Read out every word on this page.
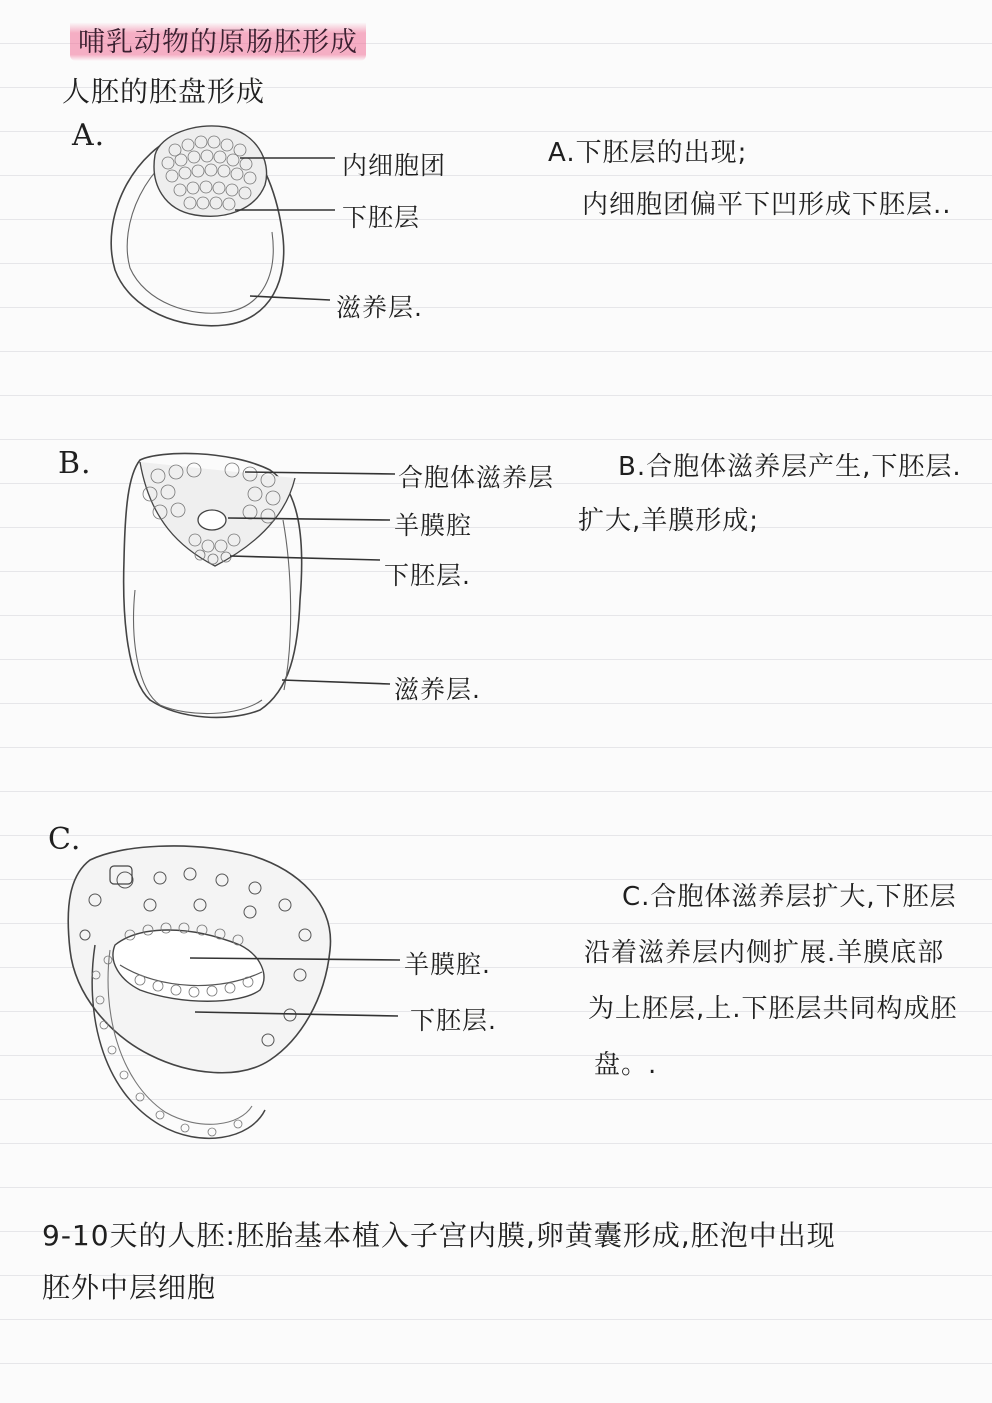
哺乳动物的原肠胚形成
人胚的胚盘形成
A.
内细胞团
下胚层
滋养层.
A.下胚层的出现;
内细胞团偏平下凹形成下胚层..
B.	合胞体滋养层
羊膜腔
下胚层.
滋养层.
B.合胞体滋养层产生,下胚层.
扩大,羊膜形成;
C.
羊膜腔.
下胚层.
C.合胞体滋养层扩大,下胚层
沿着滋养层内侧扩展.羊膜底部
为上胚层,上.下胚层共同构成胚
盘。.
9-10天的人胚:胚胎基本植入子宫内膜,卵黄囊形成,胚泡中出现
胚外中层细胞
